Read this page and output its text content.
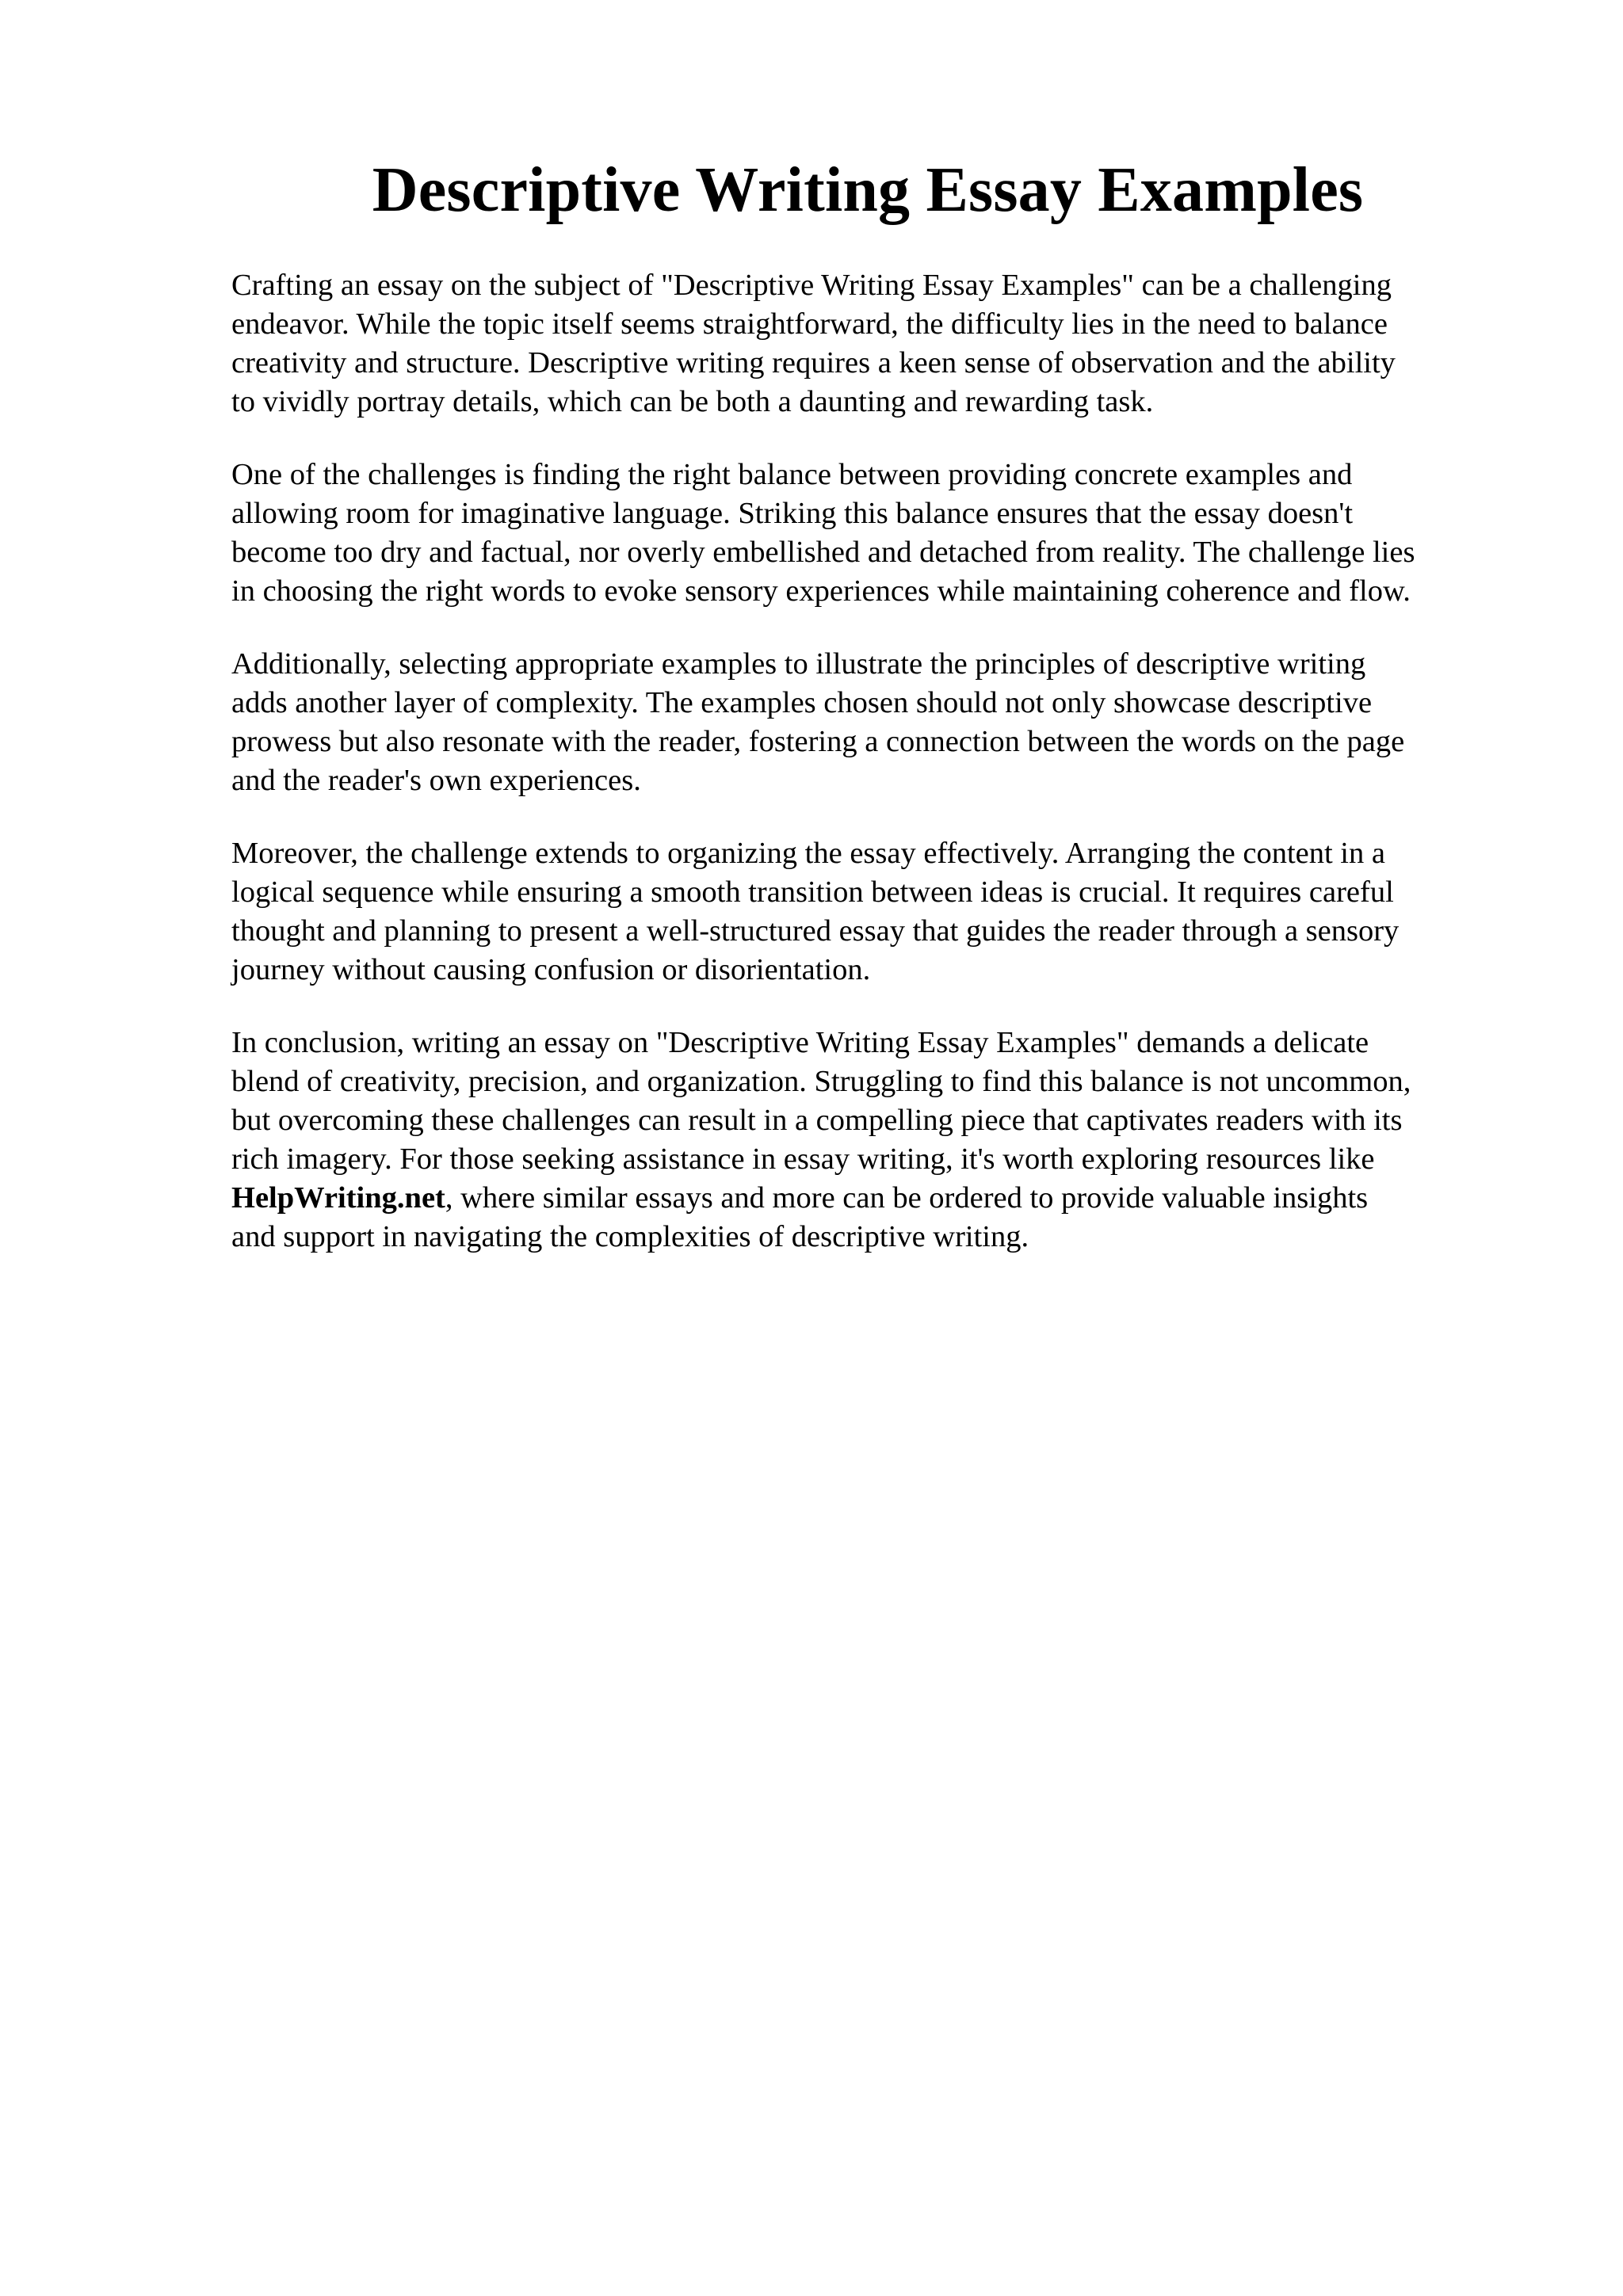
Descriptive Writing Essay Examples

Crafting an essay on the subject of "Descriptive Writing Essay Examples" can be a challenging
endeavor. While the topic itself seems straightforward, the difficulty lies in the need to balance
creativity and structure. Descriptive writing requires a keen sense of observation and the ability
to vividly portray details, which can be both a daunting and rewarding task.

One of the challenges is finding the right balance between providing concrete examples and
allowing room for imaginative language. Striking this balance ensures that the essay doesn't
become too dry and factual, nor overly embellished and detached from reality. The challenge lies
in choosing the right words to evoke sensory experiences while maintaining coherence and flow.

Additionally, selecting appropriate examples to illustrate the principles of descriptive writing
adds another layer of complexity. The examples chosen should not only showcase descriptive
prowess but also resonate with the reader, fostering a connection between the words on the page
and the reader's own experiences.

Moreover, the challenge extends to organizing the essay effectively. Arranging the content in a
logical sequence while ensuring a smooth transition between ideas is crucial. It requires careful
thought and planning to present a well-structured essay that guides the reader through a sensory
journey without causing confusion or disorientation.

In conclusion, writing an essay on "Descriptive Writing Essay Examples" demands a delicate
blend of creativity, precision, and organization. Struggling to find this balance is not uncommon,
but overcoming these challenges can result in a compelling piece that captivates readers with its
rich imagery. For those seeking assistance in essay writing, it's worth exploring resources like
HelpWriting.net, where similar essays and more can be ordered to provide valuable insights
and support in navigating the complexities of descriptive writing.
